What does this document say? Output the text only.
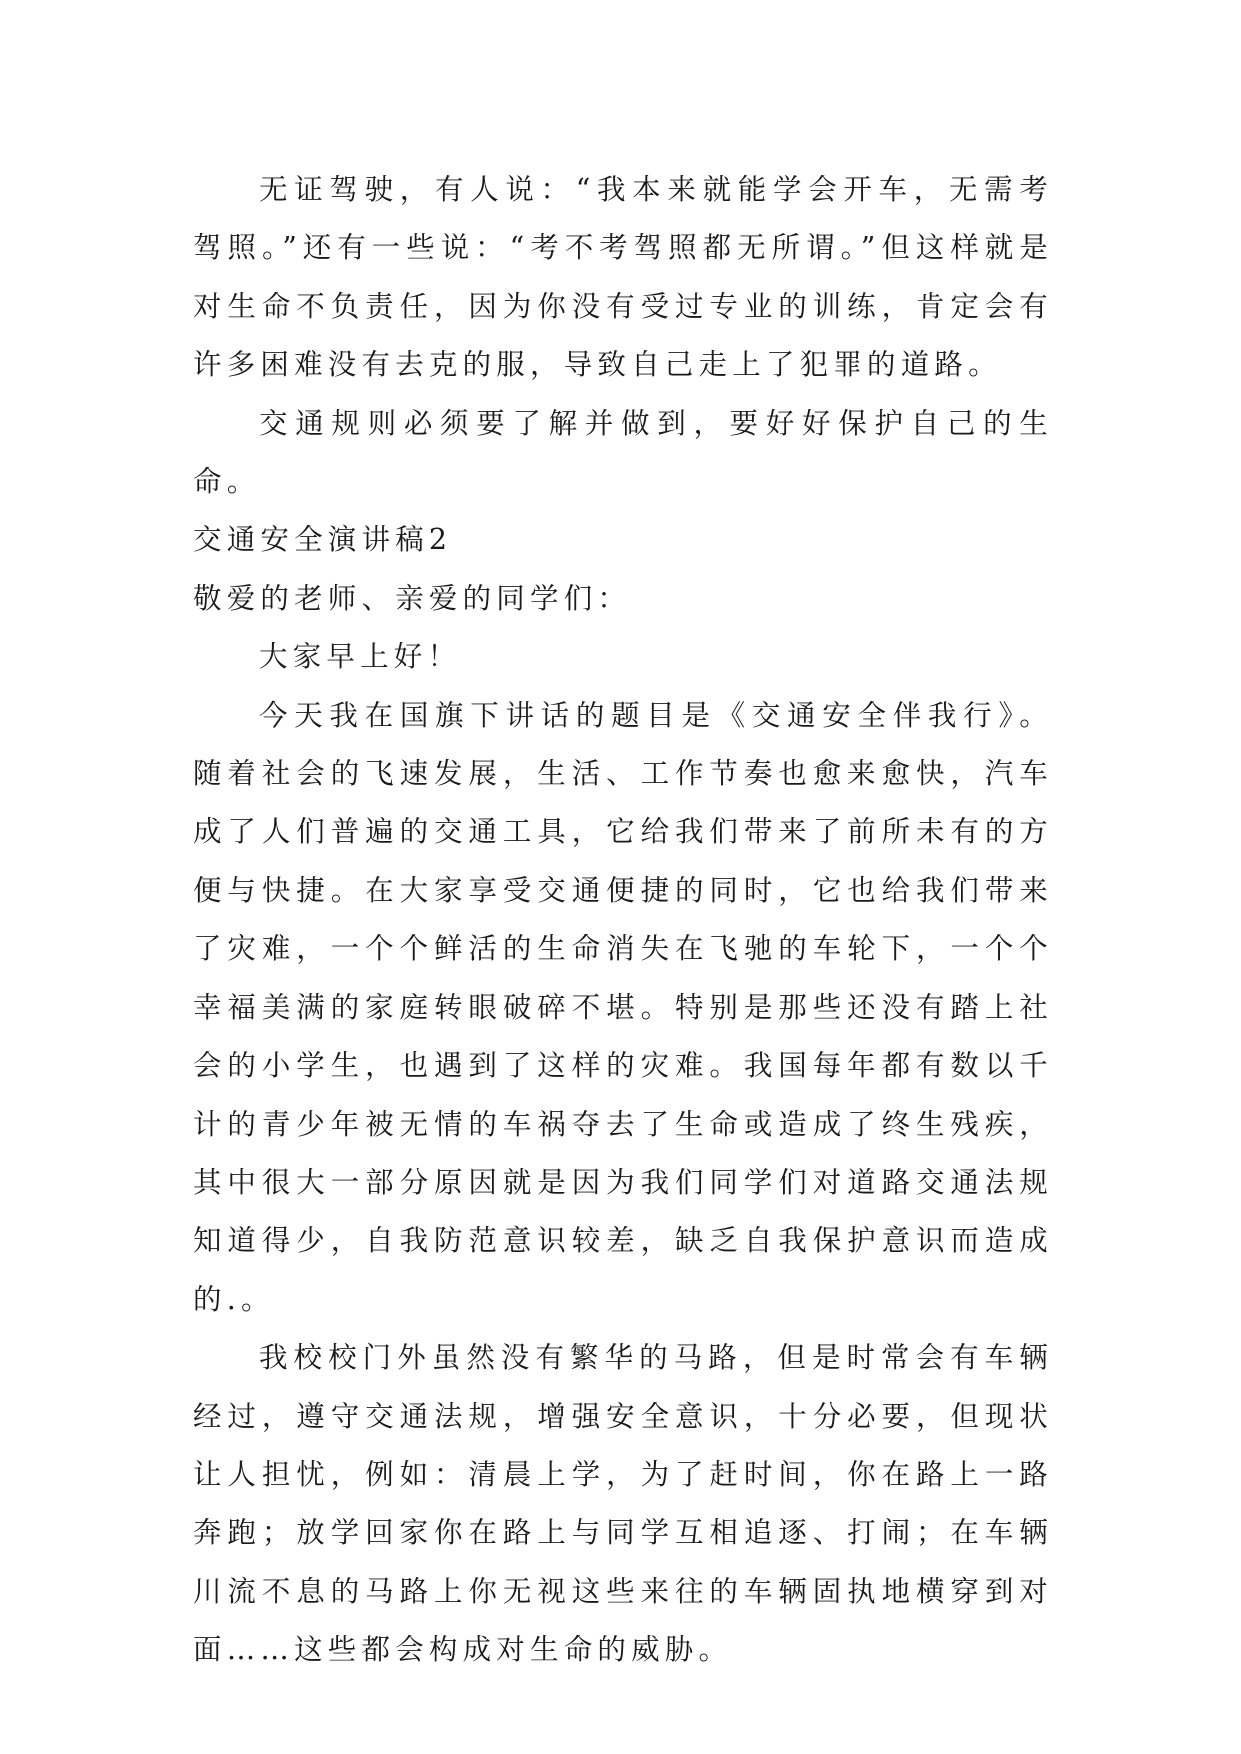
无证驾驶，有人说：“我本来就能学会开车，无需考驾照。”还有一些说：“考不考驾照都无所谓。”但这样就是对生命不负责任，因为你没有受过专业的训练，肯定会有许多困难没有去克的服，导致自己走上了犯罪的道路。

交通规则必须要了解并做到，要好好保护自己的生命。

交通安全演讲稿2

敬爱的老师、亲爱的同学们：

大家早上好！

今天我在国旗下讲话的题目是《交通安全伴我行》。随着社会的飞速发展，生活、工作节奏也愈来愈快，汽车成了人们普遍的交通工具，它给我们带来了前所未有的方便与快捷。在大家享受交通便捷的同时，它也给我们带来了灾难，一个个鲜活的生命消失在飞驰的车轮下，一个个幸福美满的家庭转眼破碎不堪。特别是那些还没有踏上社会的小学生，也遇到了这样的灾难。我国每年都有数以千计的青少年被无情的车祸夺去了生命或造成了终生残疾，其中很大一部分原因就是因为我们同学们对道路交通法规知道得少，自我防范意识较差，缺乏自我保护意识而造成的.。

我校校门外虽然没有繁华的马路，但是时常会有车辆经过，遵守交通法规，增强安全意识，十分必要，但现状让人担忧，例如：清晨上学，为了赶时间，你在路上一路奔跑；放学回家你在路上与同学互相追逐、打闹；在车辆川流不息的马路上你无视这些来往的车辆固执地横穿到对面……这些都会构成对生命的威胁。
